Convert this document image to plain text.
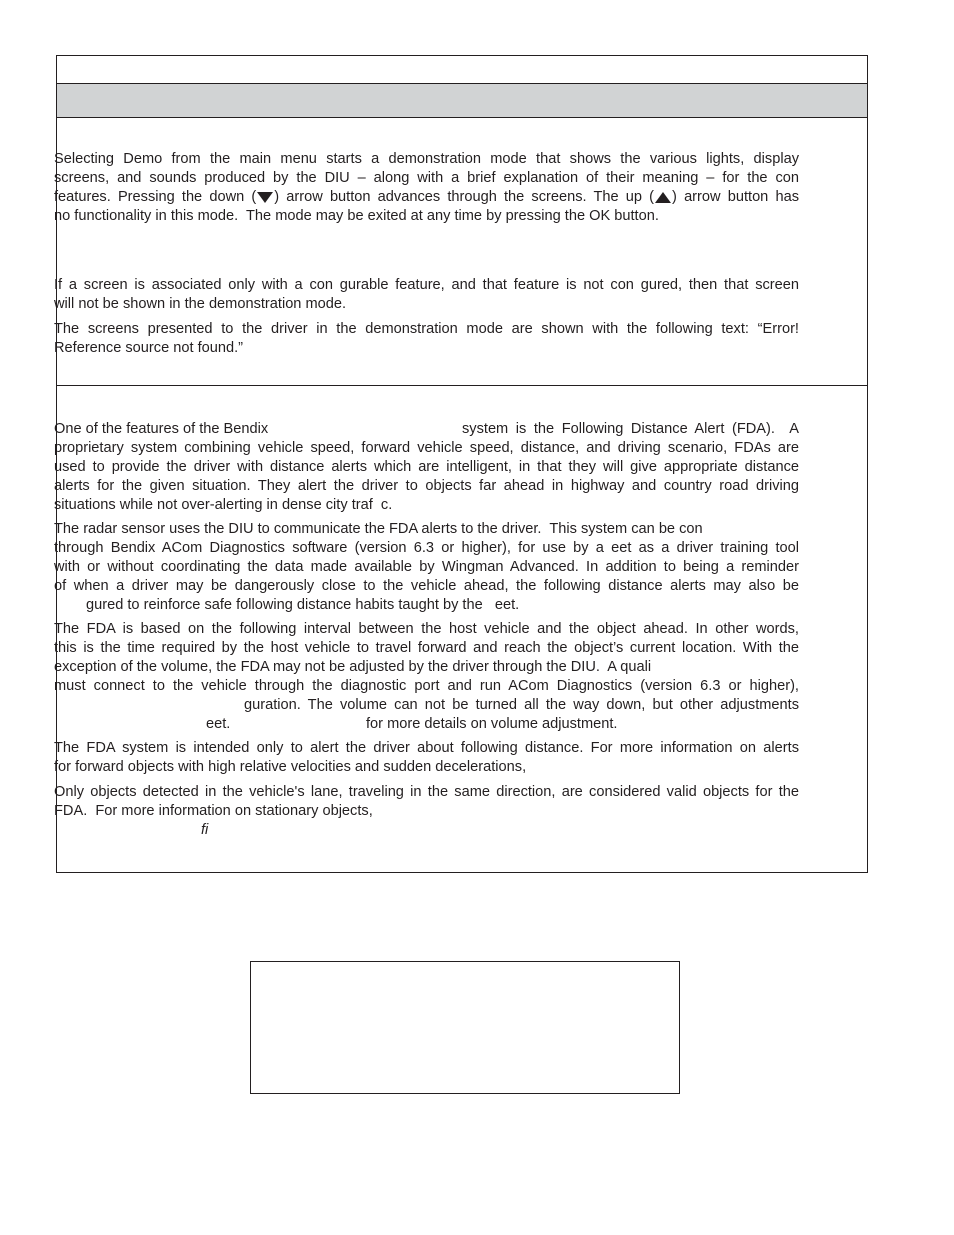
Selecting Demo from the main menu starts a demonstration mode that shows the various lights, display
screens, and sounds produced by the DIU – along with a brief explanation of their meaning – for the con
features. Pressing the down ( ) arrow button advances through the screens. The up ( ) arrow button has
no functionality in this mode.  The mode may be exited at any time by pressing the OK button.
If a screen is associated only with a con gurable feature, and that feature is not con gured, then that screen
will not be shown in the demonstration mode.
The screens presented to the driver in the demonstration mode are shown with the following text: “Error!
Reference source not found.”
One of the features of the Bendix	system is the Following Distance Alert (FDA).  A
proprietary system combining vehicle speed, forward vehicle speed, distance, and driving scenario, FDAs are
used to provide the driver with distance alerts which are intelligent, in that they will give appropriate distance
alerts for the given situation. They alert the driver to objects far ahead in highway and country road driving
situations while not over-alerting in dense city traf  c.
The radar sensor uses the DIU to communicate the FDA alerts to the driver.  This system can be con
through Bendix ACom Diagnostics software (version 6.3 or higher), for use by a eet as a driver training tool
with or without coordinating the data made available by Wingman Advanced. In addition to being a reminder
of when a driver may be dangerously close to the vehicle ahead, the following distance alerts may also be
gured to reinforce safe following distance habits taught by the   eet.
The FDA is based on the following interval between the host vehicle and the object ahead. In other words,
this is the time required by the host vehicle to travel forward and reach the object’s current location. With the
exception of the volume, the FDA may not be adjusted by the driver through the DIU.  A quali
must connect to the vehicle through the diagnostic port and run ACom Diagnostics (version 6.3 or higher),
guration. The volume can not be turned all the way down, but other adjustments
eet.	for more details on volume adjustment.
The FDA system is intended only to alert the driver about following distance. For more information on alerts
for forward objects with high relative velocities and sudden decelerations,
Only objects detected in the vehicle's lane, traveling in the same direction, are considered valid objects for the
FDA.  For more information on stationary objects,
fi
